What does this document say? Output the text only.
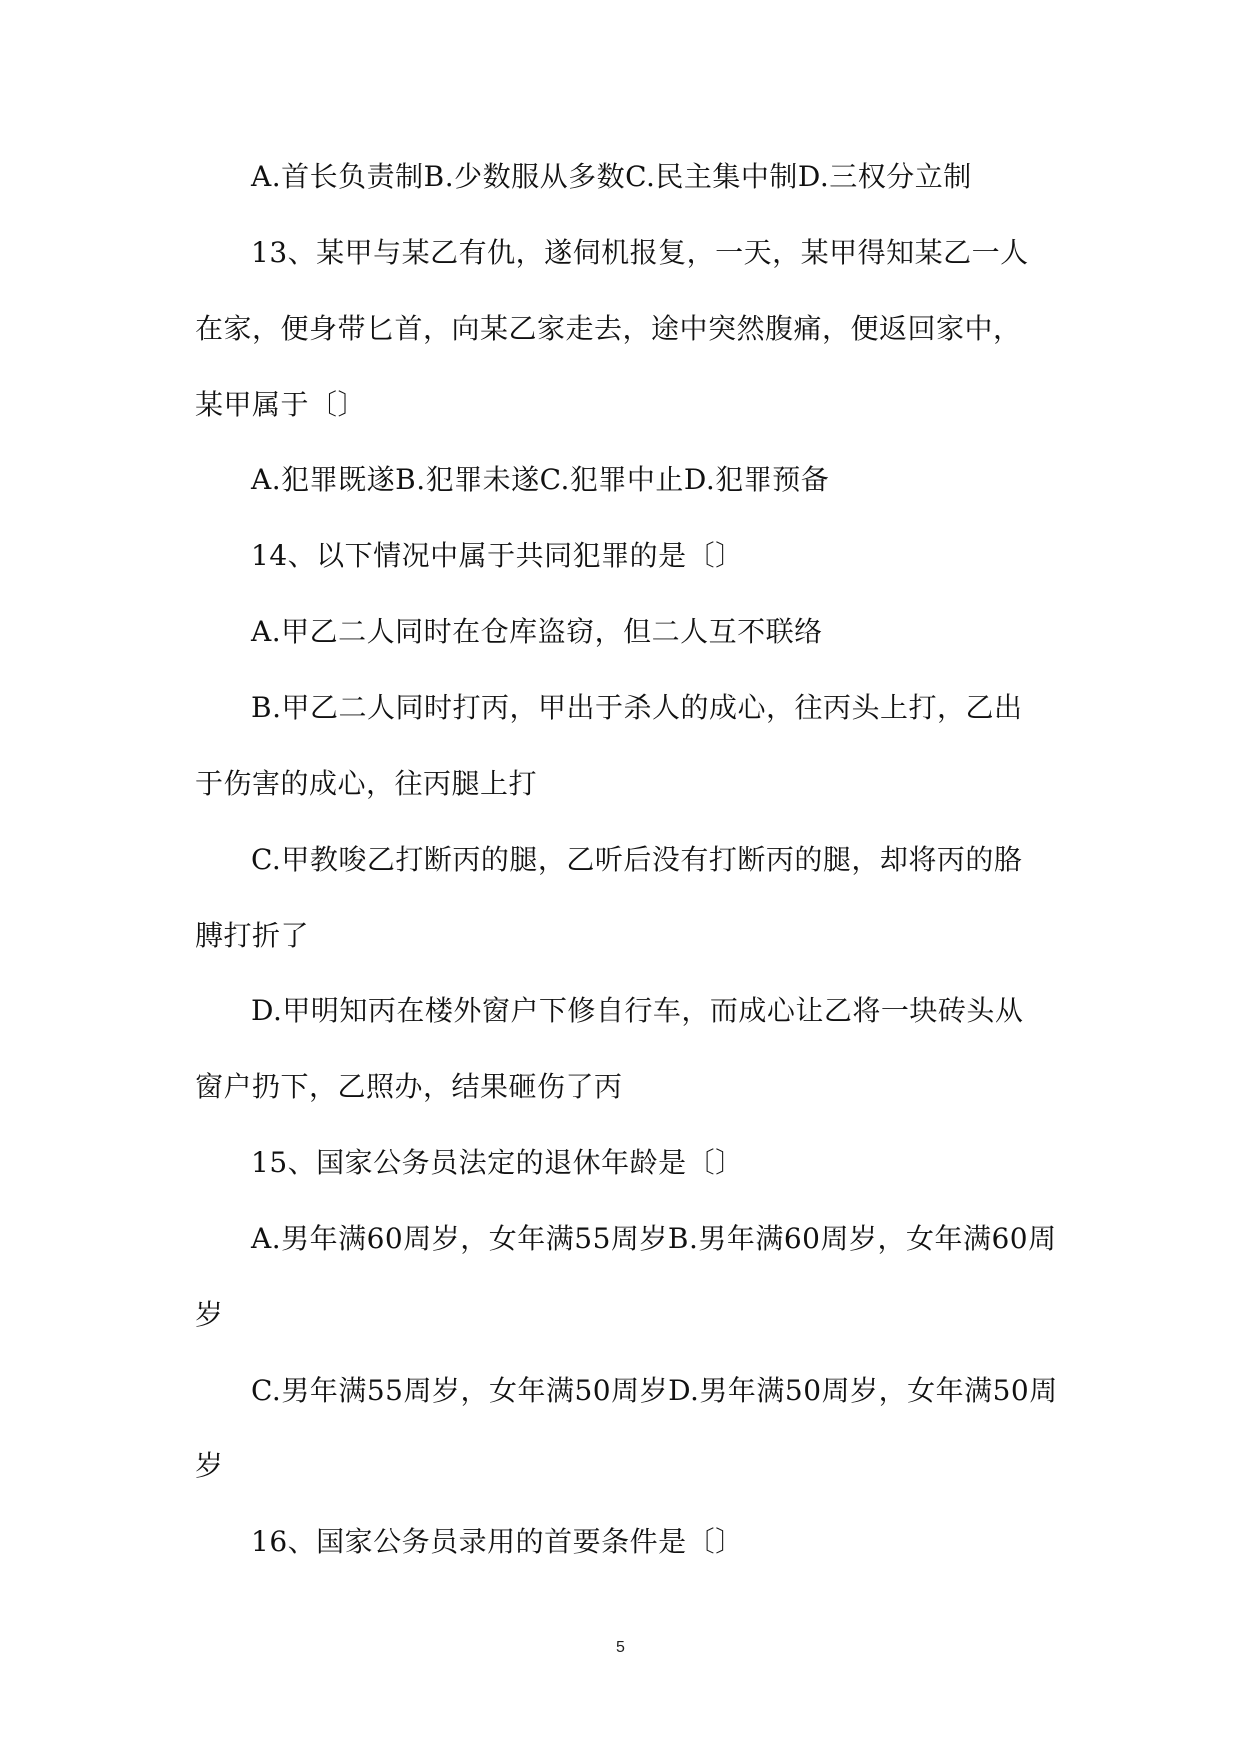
A.首长负责制B.少数服从多数C.民主集中制D.三权分立制
13、某甲与某乙有仇，遂伺机报复，一天，某甲得知某乙一人
在家，便身带匕首，向某乙家走去，途中突然腹痛，便返回家中，
某甲属于〔〕
A.犯罪既遂B.犯罪未遂C.犯罪中止D.犯罪预备
14、以下情况中属于共同犯罪的是〔〕
A.甲乙二人同时在仓库盗窃，但二人互不联络
B.甲乙二人同时打丙，甲出于杀人的成心，往丙头上打，乙出
于伤害的成心，往丙腿上打
C.甲教唆乙打断丙的腿，乙听后没有打断丙的腿，却将丙的胳
膊打折了
D.甲明知丙在楼外窗户下修自行车，而成心让乙将一块砖头从
窗户扔下，乙照办，结果砸伤了丙
15、国家公务员法定的退休年龄是〔〕
A.男年满60周岁，女年满55周岁B.男年满60周岁，女年满60周
岁
C.男年满55周岁，女年满50周岁D.男年满50周岁，女年满50周
岁
16、国家公务员录用的首要条件是〔〕
5
